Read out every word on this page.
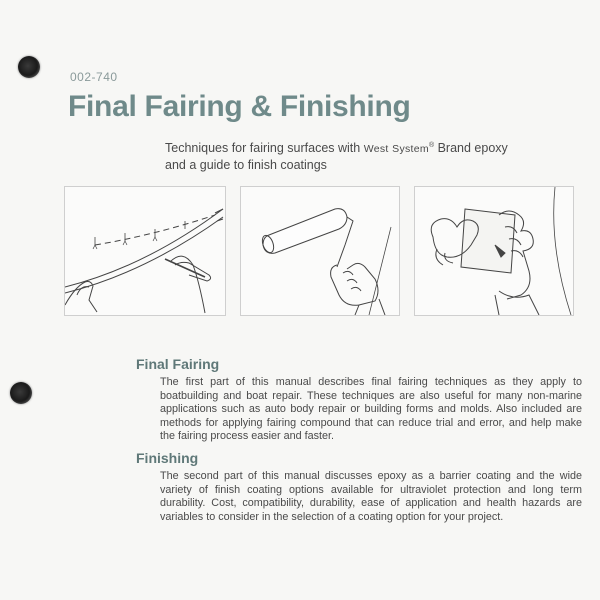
002-740
Final Fairing & Finishing
Techniques for fairing surfaces with West System® Brand epoxy
and a guide to finish coatings
Final Fairing

The first part of this manual describes final fairing techniques as they apply to boatbuilding and boat repair. These techniques are also useful for many non-marine applications such as auto body repair or building forms and molds. Also included are methods for applying fairing compound that can reduce trial and error, and help make the fairing process easier and faster.

Finishing

The second part of this manual discusses epoxy as a barrier coating and the wide variety of finish coating options available for ultraviolet protection and long term durability. Cost, compatibility, durability, ease of application and health hazards are variables to consider in the selection of a coating option for your project.
